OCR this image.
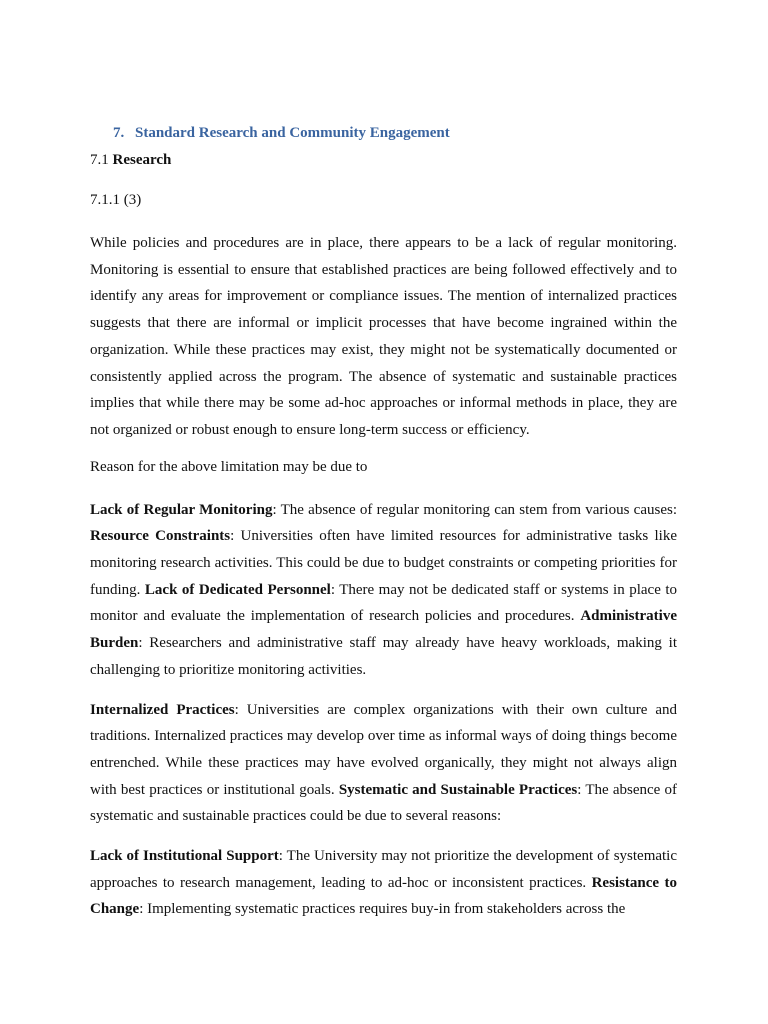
7. Standard Research and Community Engagement
7.1 Research
7.1.1 (3)

While policies and procedures are in place, there appears to be a lack of regular monitoring. Monitoring is essential to ensure that established practices are being followed effectively and to identify any areas for improvement or compliance issues. The mention of internalized practices suggests that there are informal or implicit processes that have become ingrained within the organization. While these practices may exist, they might not be systematically documented or consistently applied across the program. The absence of systematic and sustainable practices implies that while there may be some ad-hoc approaches or informal methods in place, they are not organized or robust enough to ensure long-term success or efficiency.

Reason for the above limitation may be due to

Lack of Regular Monitoring: The absence of regular monitoring can stem from various causes: Resource Constraints: Universities often have limited resources for administrative tasks like monitoring research activities. This could be due to budget constraints or competing priorities for funding. Lack of Dedicated Personnel: There may not be dedicated staff or systems in place to monitor and evaluate the implementation of research policies and procedures. Administrative Burden: Researchers and administrative staff may already have heavy workloads, making it challenging to prioritize monitoring activities.

Internalized Practices: Universities are complex organizations with their own culture and traditions. Internalized practices may develop over time as informal ways of doing things become entrenched. While these practices may have evolved organically, they might not always align with best practices or institutional goals. Systematic and Sustainable Practices: The absence of systematic and sustainable practices could be due to several reasons:

Lack of Institutional Support: The University may not prioritize the development of systematic approaches to research management, leading to ad-hoc or inconsistent practices. Resistance to Change: Implementing systematic practices requires buy-in from stakeholders across the
